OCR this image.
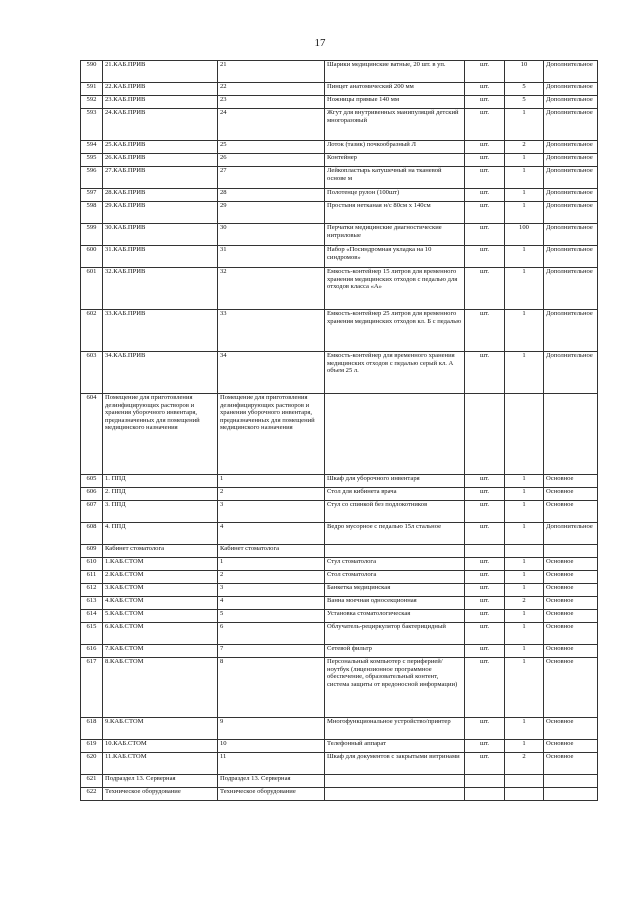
17
590	21.КАБ.ПРИВ	21	Шарики медицинские ватные, 20 шт. в уп.	шт.	10	Дополнительное
591	22.КАБ.ПРИВ	22	Пинцет анатомический 200 мм	шт.	5	Дополнительное
592	23.КАБ.ПРИВ	23	Ножницы прямые 140 мм	шт.	5	Дополнительное
593	24.КАБ.ПРИВ	24	Жгут для внутривенных манипуляций детский многоразовый	шт.	1	Дополнительное
594	25.КАБ.ПРИВ	25	Лоток (тазик) почкообразный Л	шт.	2	Дополнительное
595	26.КАБ.ПРИВ	26	Контейнер	шт.	1	Дополнительное
596	27.КАБ.ПРИВ	27	Лейкопластырь катушечный на тканевой основе м	шт.	1	Дополнительное
597	28.КАБ.ПРИВ	28	Полотенце рулон (100шт)	шт.	1	Дополнительное
598	29.КАБ.ПРИВ	29	Простыня нетканая н/с 80см х 140см	шт.	1	Дополнительное
599	30.КАБ.ПРИВ	30	Перчатки медицинские диагностические нитриловые	шт.	100	Дополнительное
600	31.КАБ.ПРИВ	31	Набор «Посиндромная укладка на 10 синдромов»	шт.	1	Дополнительное
601	32.КАБ.ПРИВ	32	Емкость-контейнер 15 литров для временного хранения медицинских отходов с педалью для отходов класса «А»	шт.	1	Дополнительное
602	33.КАБ.ПРИВ	33	Емкость-контейнер 25 литров для временного хранения медицинских отходов кл. Б с педалью	шт.	1	Дополнительное
603	34.КАБ.ПРИВ	34	Емкость-контейнер для временного хранения медицинских отходов с педалью серый кл. А объем 25 л.	шт.	1	Дополнительное
604	Помещение для приготовления дезинфицирующих растворов и хранения уборочного инвентаря, предназначенных для помещений медицинского назначения	Помещение для приготовления дезинфицирующих растворов и хранения уборочного инвентаря, предназначенных для помещений медицинского назначения				
605	1. ППД	1	Шкаф для уборочного инвентаря	шт.	1	Основное
606	2. ППД	2	Стол для кибинета врача	шт.	1	Основное
607	3. ППД	3	Стул со спинкой без подлокотников	шт.	1	Основное
608	4. ППД	4	Ведро мусорное с педалью 15л стальное	шт.	1	Дополнительное
609	Кабинет стоматолога	Кабинет стоматолога				
610	1.КАБ.СТОМ	1	Стул стоматолога	шт.	1	Основное
611	2.КАБ.СТОМ	2	Стол стоматолога	шт.	1	Основное
612	3.КАБ.СТОМ	3	Банкетка медицинская	шт.	1	Основное
613	4.КАБ.СТОМ	4	Ванна моечная односекционная	шт.	2	Основное
614	5.КАБ.СТОМ	5	Установка стоматологическая	шт.	1	Основное
615	6.КАБ.СТОМ	6	Облучатель-рециркулятор бактерицидный	шт.	1	Основное
616	7.КАБ.СТОМ	7	Сетевой фильтр	шт.	1	Основное
617	8.КАБ.СТОМ	8	Персональный компьютер с периферией/ноутбук (лицензионное программное обеспечение, образовательный контент, система защиты от вредоносной информации)	шт.	1	Основное
618	9.КАБ.СТОМ	9	Многофункциональное устройство/принтер	шт.	1	Основное
619	10.КАБ.СТОМ	10	Телефонный аппарат	шт.	1	Основное
620	11.КАБ.СТОМ	11	Шкаф для документов с закрытыми витринами	шт.	2	Основное
621	Подраздел 13. Серверная	Подраздел 13. Серверная				
622	Техническое оборудование	Техническое оборудование				
